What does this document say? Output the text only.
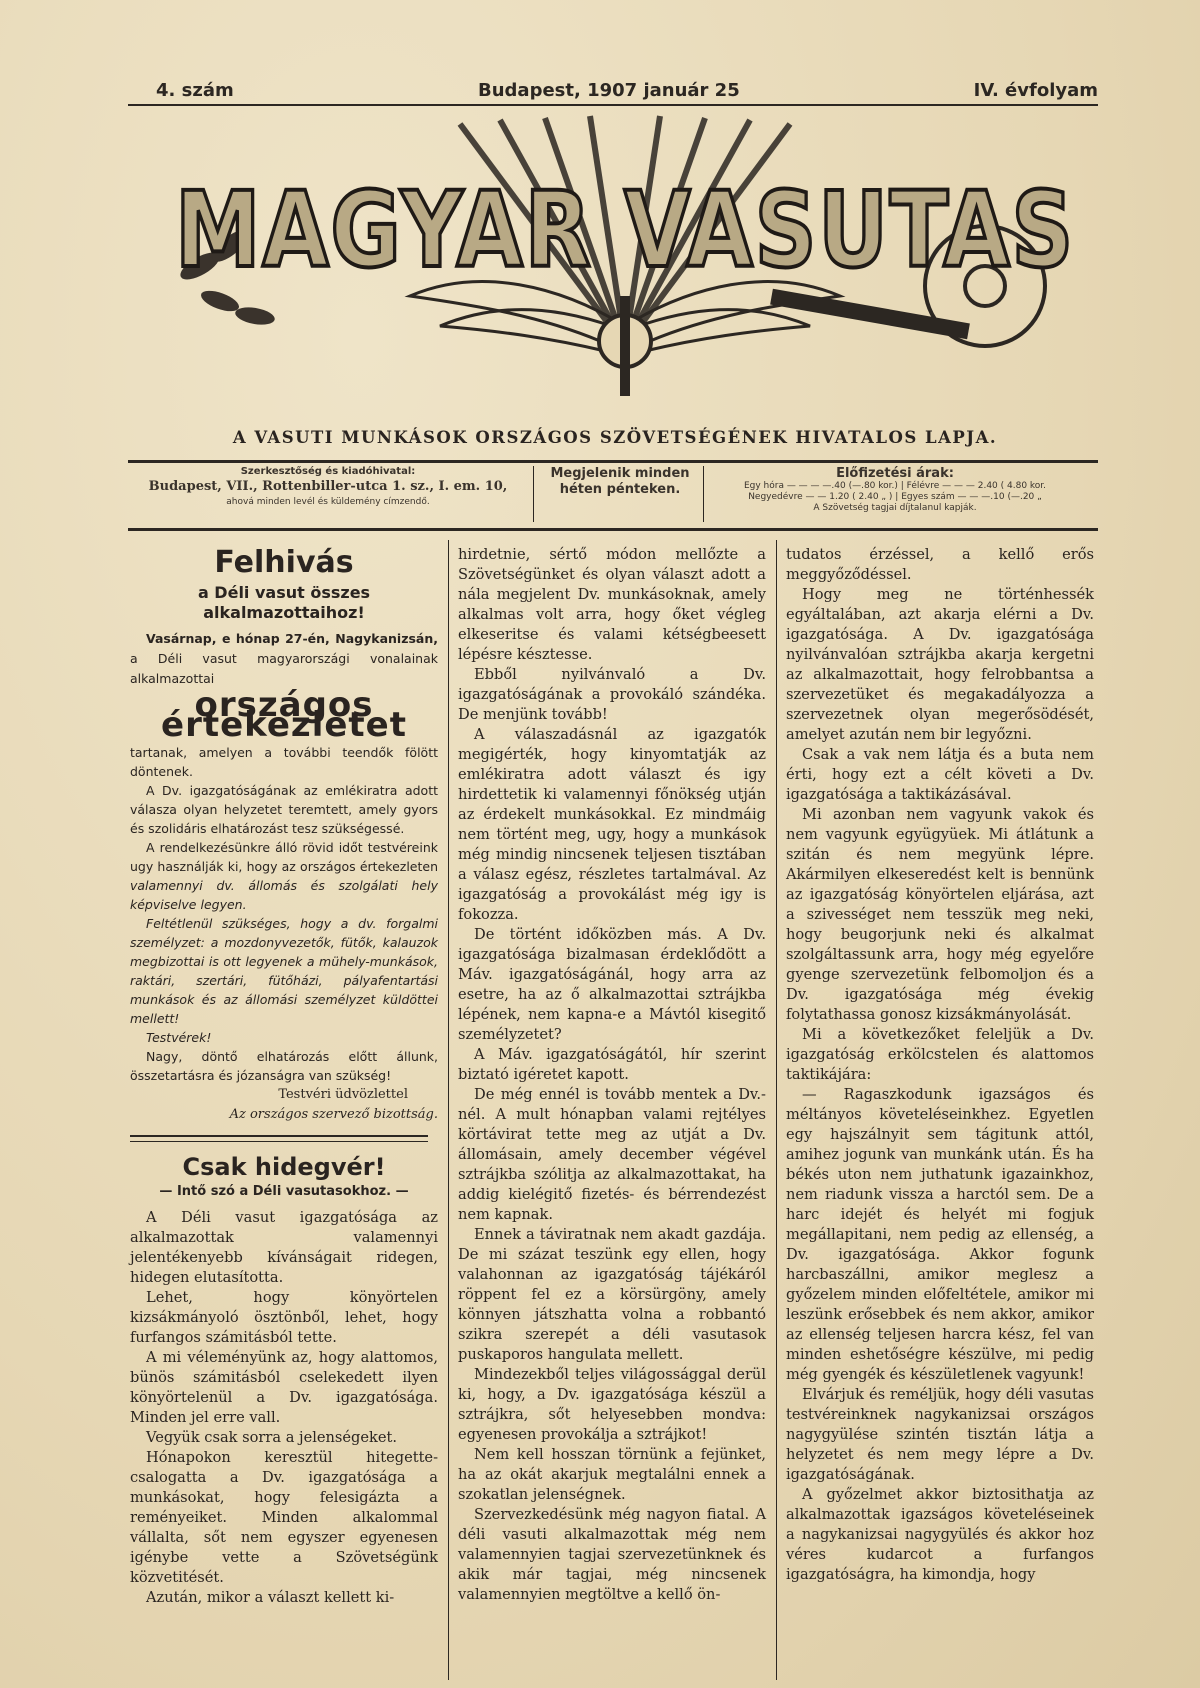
4. szám	Budapest, 1907 január 25	IV. évfolyam
MAGYAR VASUTAS
A VASUTI MUNKÁSOK ORSZÁGOS SZÖVETSÉGÉNEK HIVATALOS LAPJA.
Szerkesztőség és kiadóhivatal:
Budapest, VII., Rottenbiller-utca 1. sz., I. em. 10,
ahová minden levél és küldemény címzendő.
Megjelenik minden héten pénteken.
Előfizetési árak:
Egy hóra — — — —.40 (—.80 kor.) | Félévre — — — 2.40 ( 4.80 kor.
Negyedévre — — 1.20 ( 2.40 „ ) | Egyes szám — — —.10 (—.20 „
A Szövetség tagjai díjtalanul kapják.
Felhivás
a Déli vasut összes alkalmazottaihoz!

Vasárnap, e hónap 27-én, Nagykanizsán, a Déli vasut magyarországi vonalainak alkalmazottai

országos értekezletet

tartanak, amelyen a további teendők fölött döntenek.

A Dv. igazgatóságának az emlékiratra adott válasza olyan helyzetet teremtett, amely gyors és szolidáris elhatározást tesz szükségessé.

A rendelkezésünkre álló rövid időt testvéreink ugy használják ki, hogy az országos értekezleten valamennyi dv. állomás és szolgálati hely képviselve legyen.

Feltétlenül szükséges, hogy a dv. forgalmi személyzet: a mozdonyvezetők, fütők, kalauzok megbizottai is ott legyenek a mühely-munkások, raktári, szertári, fütőházi, pályafentartási munkások és az állomási személyzet küldöttei mellett!

Testvérek!

Nagy, döntő elhatározás előtt állunk, összetartásra és józanságra van szükség!

Testvéri üdvözlettel
Az országos szervező bizottság.
Csak hidegvér!
— Intő szó a Déli vasutasokhoz. —

A Déli vasut igazgatósága az alkalmazottak valamennyi jelentékenyebb kívánságait ridegen, hidegen elutasította.

Lehet, hogy könyörtelen kizsákmányoló ösztönből, lehet, hogy furfangos számitásból tette.

A mi véleményünk az, hogy alattomos, bünös számitásból cselekedett ilyen könyörtelenül a Dv. igazgatósága. Minden jel erre vall.

Vegyük csak sorra a jelenségeket.

Hónapokon keresztül hitegette-csalogatta a Dv. igazgatósága a munkásokat, hogy felesigázta a reményeiket. Minden alkalommal vállalta, sőt nem egyszer egyenesen igénybe vette a Szövetségünk közvetitését.

Azután, mikor a választ kellett ki-

hirdetnie, sértő módon mellőzte a Szövetségünket és olyan választ adott a nála megjelent Dv. munkásoknak, amely alkalmas volt arra, hogy őket végleg elkeseritse és valami kétségbeesett lépésre késztesse.

Ebből nyilvánvaló a Dv. igazgatóságának a provokáló szándéka. De menjünk tovább!

A válaszadásnál az igazgatók megigérték, hogy kinyomtatják az emlékiratra adott választ és igy hirdettetik ki valamennyi főnökség utján az érdekelt munkásokkal. Ez mindmáig nem történt meg, ugy, hogy a munkások még mindig nincsenek teljesen tisztában a válasz egész, részletes tartalmával. Az igazgatóság a provokálást még igy is fokozza.

De történt időközben más. A Dv. igazgatósága bizalmasan érdeklődött a Máv. igazgatóságánál, hogy arra az esetre, ha az ő alkalmazottai sztrájkba lépének, nem kapna-e a Mávtól kisegitő személyzetet?

A Máv. igazgatóságától, hír szerint biztató igéretet kapott.

De még ennél is tovább mentek a Dv.-nél. A mult hónapban valami rejtélyes körtávirat tette meg az utját a Dv. állomásain, amely december végével sztrájkba szólitja az alkalmazottakat, ha addig kielégitő fizetés- és bérrendezést nem kapnak.

Ennek a táviratnak nem akadt gazdája. De mi százat teszünk egy ellen, hogy valahonnan az igazgatóság tájékáról röppent fel ez a körsürgöny, amely könnyen játszhatta volna a robbantó szikra szerepét a déli vasutasok puskaporos hangulata mellett.

Mindezekből teljes világossággal derül ki, hogy, a Dv. igazgatósága készül a sztrájkra, sőt helyesebben mondva: egyenesen provokálja a sztrájkot!

Nem kell hosszan törnünk a fejünket, ha az okát akarjuk megtalálni ennek a szokatlan jelenségnek.

Szervezkedésünk még nagyon fiatal. A déli vasuti alkalmazottak még nem valamennyien tagjai szervezetünknek és akik már tagjai, még nincsenek valamennyien megtöltve a kellő ön-

tudatos érzéssel, a kellő erős meggyőződéssel.

Hogy meg ne történhessék egyáltalában, azt akarja elérni a Dv. igazgatósága. A Dv. igazgatósága nyilvánvalóan sztrájkba akarja kergetni az alkalmazottait, hogy felrobbantsa a szervezetüket és megakadályozza a szervezetnek olyan megerősödését, amelyet azután nem bir legyőzni.

Csak a vak nem látja és a buta nem érti, hogy ezt a célt követi a Dv. igazgatósága a taktikázásával.

Mi azonban nem vagyunk vakok és nem vagyunk együgyüek. Mi átlátunk a szitán és nem megyünk lépre. Akármilyen elkeseredést kelt is bennünk az igazgatóság könyörtelen eljárása, azt a szivességet nem tesszük meg neki, hogy beugorjunk neki és alkalmat szolgáltassunk arra, hogy még egyelőre gyenge szervezetünk felbomoljon és a Dv. igazgatósága még évekig folytathassa gonosz kizsákmányolását.

Mi a következőket feleljük a Dv. igazgatóság erkölcstelen és alattomos taktikájára:

— Ragaszkodunk igazságos és méltányos követeléseinkhez. Egyetlen egy hajszálnyit sem tágitunk attól, amihez jogunk van munkánk után. És ha békés uton nem juthatunk igazainkhoz, nem riadunk vissza a harctól sem. De a harc idejét és helyét mi fogjuk megállapitani, nem pedig az ellenség, a Dv. igazgatósága. Akkor fogunk harcbaszállni, amikor meglesz a győzelem minden előfeltétele, amikor mi leszünk erősebbek és nem akkor, amikor az ellenség teljesen harcra kész, fel van minden eshetőségre készülve, mi pedig még gyengék és készületlenek vagyunk!

Elvárjuk és reméljük, hogy déli vasutas testvéreinknek nagykanizsai országos nagygyülése szintén tisztán látja a helyzetet és nem megy lépre a Dv. igazgatóságának.

A győzelmet akkor biztosithatja az alkalmazottak igazságos követeléseinek a nagykanizsai nagygyülés és akkor hoz véres kudarcot a furfangos igazgatóságra, ha kimondja, hogy
